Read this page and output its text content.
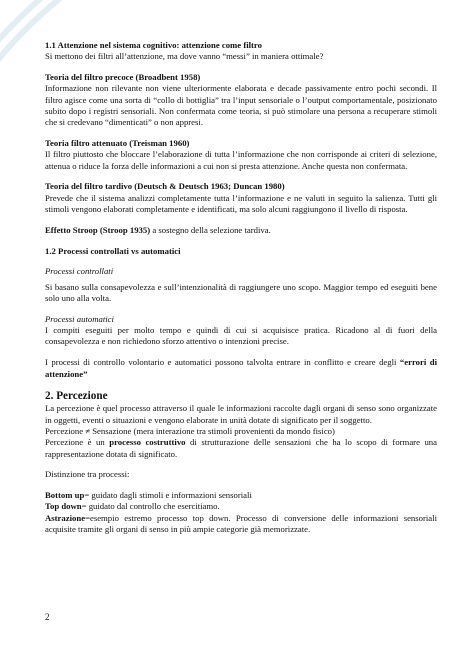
1.1 Attenzione nel sistema cognitivo: attenzione come filtro

Si mettono dei filtri all’attenzione, ma dove vanno “messi” in maniera ottimale?

Teoria del filtro precoce (Broadbent 1958)

Informazione non rilevante non viene ulteriormente elaborata e decade passivamente entro pochi secondi. Il filtro agisce come una sorta di “collo di bottiglia” tra l’input sensoriale o l’output comportamentale, posizionato subito dopo i registri sensoriali. Non confermata come teoria, si può stimolare una persona a recuperare stimoli che si credevano “dimenticati” o non appresi.

Teoria filtro attenuato (Treisman 1960)

Il filtro piuttosto che bloccare l’elaborazione di tutta l’informazione che non corrisponde ai criteri di selezione, attenua o riduce la forza delle informazioni a cui non si presta attenzione. Anche questa non confermata.

Teoria del filtro tardivo (Deutsch & Deutsch 1963; Duncan 1980)

Prevede che il sistema analizzi completamente tutta l’informazione e ne valuti in seguito la salienza. Tutti gli stimoli vengono elaborati completamente e identificati, ma solo alcuni raggiungono il livello di risposta.

Effetto Stroop (Stroop 1935) a sostegno della selezione tardiva.

1.2 Processi controllati vs automatici

Processi controllati

Si basano sulla consapevolezza e sull’intenzionalità di raggiungere uno scopo. Maggior tempo ed eseguiti bene solo uno alla volta.

Processi automatici

I compiti eseguiti per molto tempo e quindi di cui si acquisisce pratica. Ricadono al di fuori della consapevolezza e non richiedono sforzo attentivo o intenzioni precise.

I processi di controllo volontario e automatici possono talvolta entrare in conflitto e creare degli “errori di attenzione”

2. Percezione

La percezione è quel processo attraverso il quale le informazioni raccolte dagli organi di senso sono organizzate in oggetti, eventi o situazioni e vengono elaborate in unità dotate di significato per il soggetto.

Percezione ≠ Sensazione (mera interazione tra stimoli provenienti da mondo fisico)

Percezione è un processo costruttivo di strutturazione delle sensazioni che ha lo scopo di formare una rappresentazione dotata di significato.

Distinzione tra processi:

Bottom up= guidato dagli stimoli e informazioni sensoriali

Top down= guidato dal controllo che esercitiamo.

Astrazione=esempio estremo processo top down. Processo di conversione delle informazioni sensoriali acquisite tramite gli organi di senso in più ampie categorie già memorizzate.

2
